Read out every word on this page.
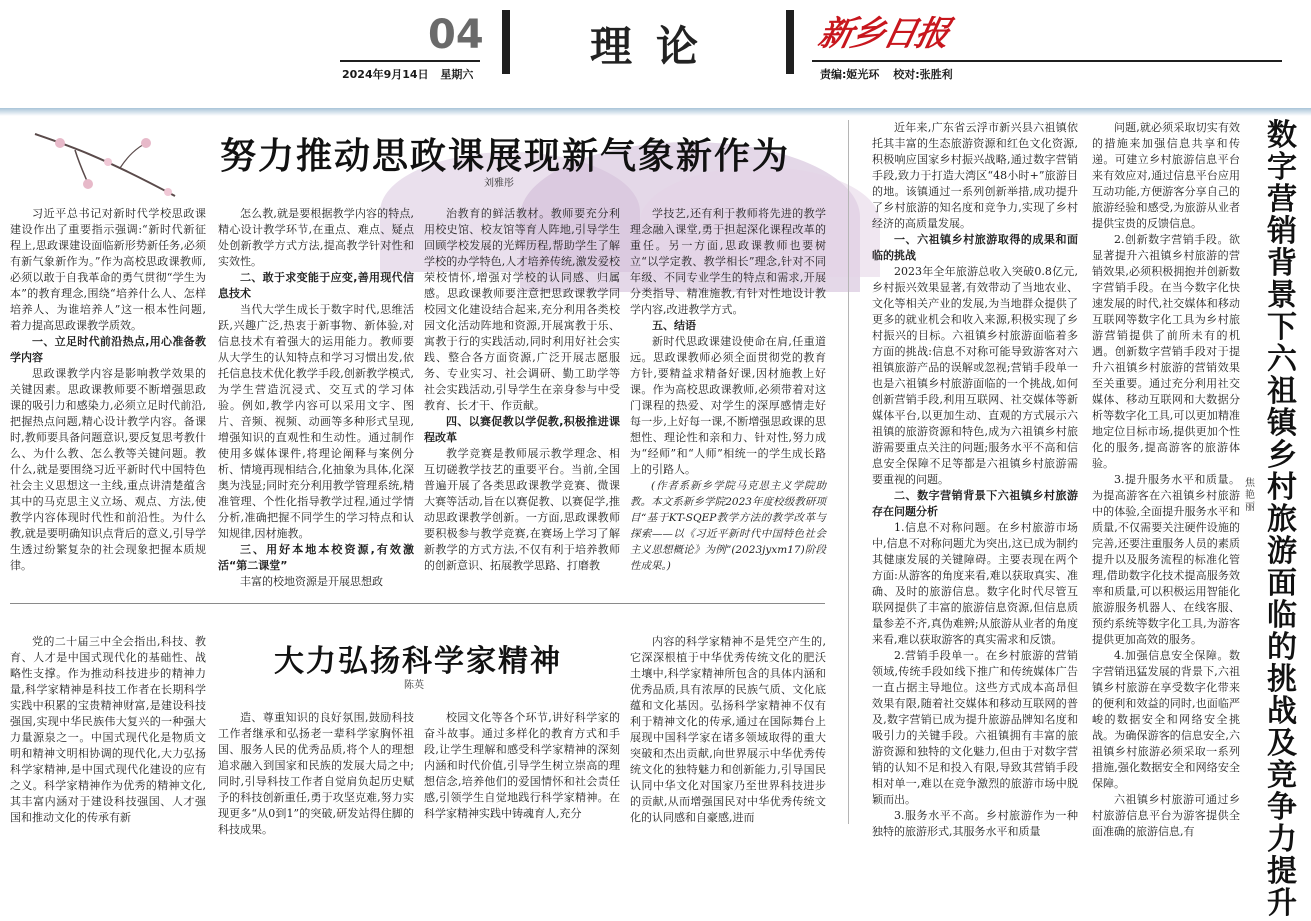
04
2024年9月14日 星期六
理论	新乡日报
责编:姬光环 校对:张胜利
努力推动思政课展现新气象新作为
刘雅彤

习近平总书记对新时代学校思政课建设作出了重要指示强调:“新时代新征程上,思政课建设面临新形势新任务,必须有新气象新作为。”作为高校思政课教师,必须以敢于自我革命的勇气贯彻“学生为本”的教育理念,围绕“培养什么人、怎样培养人、为谁培养人”这一根本性问题,着力提高思政课教学质效。

一、立足时代前沿热点,用心准备教学内容

思政课教学内容是影响教学效果的关键因素。思政课教师要不断增强思政课的吸引力和感染力,必须立足时代前沿,把握热点问题,精心设计教学内容。备课时,教师要具备问题意识,要反复思考教什么、为什么教、怎么教等关键问题。教什么,就是要围绕习近平新时代中国特色社会主义思想这一主线,重点讲清楚蕴含其中的马克思主义立场、观点、方法,使教学内容体现时代性和前沿性。为什么教,就是要明确知识点背后的意义,引导学生透过纷繁复杂的社会现象把握本质规律。

怎么教,就是要根据教学内容的特点,精心设计教学环节,在重点、难点、疑点处创新教学方式方法,提高教学针对性和实效性。

二、敢于求变能于应变,善用现代信息技术

当代大学生成长于数字时代,思维活跃,兴趣广泛,热衷于新事物、新体验,对信息技术有着强大的运用能力。教师要从大学生的认知特点和学习习惯出发,依托信息技术优化教学手段,创新教学模式,为学生营造沉浸式、交互式的学习体验。例如,教学内容可以采用文字、图片、音频、视频、动画等多种形式呈现,增强知识的直观性和生动性。通过制作使用多媒体课件,将理论阐释与案例分析、情境再现相结合,化抽象为具体,化深奥为浅显;同时充分利用教学管理系统,精准管理、个性化指导教学过程,通过学情分析,准确把握不同学生的学习特点和认知规律,因材施教。

三、用好本地本校资源,有效激活“第二课堂”

丰富的校地资源是开展思想政

治教育的鲜活教材。教师要充分利用校史馆、校友馆等育人阵地,引导学生回顾学校发展的光辉历程,帮助学生了解学校的办学特色,人才培养传统,激发爱校荣校情怀,增强对学校的认同感、归属感。思政课教师要注意把思政课教学同校园文化建设结合起来,充分利用各类校园文化活动阵地和资源,开展寓教于乐、寓教于行的实践活动,同时利用好社会实践、整合各方面资源,广泛开展志愿服务、专业实习、社会调研、勤工助学等社会实践活动,引导学生在亲身参与中受教育、长才干、作贡献。

四、以赛促教以学促教,积极推进课程改革

教学竞赛是教师展示教学理念、相互切磋教学技艺的重要平台。当前,全国普遍开展了各类思政课教学竞赛、微课大赛等活动,旨在以赛促教、以赛促学,推动思政课教学创新。一方面,思政课教师要积极参与教学竞赛,在赛场上学习了解新教学的方式方法,不仅有利于培养教师的创新意识、拓展教学思路、打磨教

学技艺,还有利于教师将先进的教学理念融入课堂,勇于担起深化课程改革的重任。另一方面,思政课教师也要树立“以学定教、教学相长”理念,针对不同年级、不同专业学生的特点和需求,开展分类指导、精准施教,有针对性地设计教学内容,改进教学方式。

五、结语

新时代思政课建设使命在肩,任重道远。思政课教师必须全面贯彻党的教育方针,要精益求精备好课,因材施教上好课。作为高校思政课教师,必须带着对这门课程的热爱、对学生的深厚感情走好每一步,上好每一课,不断增强思政课的思想性、理论性和亲和力、针对性,努力成为“经师”和“人师”相统一的学生成长路上的引路人。

(作者系新乡学院马克思主义学院助教。本文系新乡学院2023年度校级教研项目“基于KT-SQEP教学方法的教学改革与探索——以《习近平新时代中国特色社会主义思想概论》为例”(2023jyxm17)阶段性成果。)

大力弘扬科学家精神
陈英

党的二十届三中全会指出,科技、教育、人才是中国式现代化的基础性、战略性支撑。作为推动科技进步的精神力量,科学家精神是科技工作者在长期科学实践中积累的宝贵精神财富,是建设科技强国,实现中华民族伟大复兴的一种强大力量源泉之一。中国式现代化是物质文明和精神文明相协调的现代化,大力弘扬科学家精神,是中国式现代化建设的应有之义。科学家精神作为优秀的精神文化,其丰富内涵对于建设科技强国、人才强国和推动文化的传承有新

造、尊重知识的良好氛围,鼓励科技工作者继承和弘扬老一辈科学家胸怀祖国、服务人民的优秀品质,将个人的理想追求融入到国家和民族的发展大局之中;同时,引导科技工作者自觉肩负起历史赋予的科技创新重任,勇于攻坚克难,努力实现更多“从0到1”的突破,研发站得住脚的科技成果。

校园文化等各个环节,讲好科学家的奋斗故事。通过多样化的教育方式和手段,让学生理解和感受科学家精神的深刻内涵和时代价值,引导学生树立崇高的理想信念,培养他们的爱国情怀和社会责任感,引领学生自觉地践行科学家精神。在科学家精神实践中铸魂育人,充分

内容的科学家精神不是凭空产生的,它深深根植于中华优秀传统文化的肥沃土壤中,科学家精神所包含的具体内涵和优秀品质,具有浓厚的民族气质、文化底蕴和文化基因。弘扬科学家精神不仅有利于精神文化的传承,通过在国际舞台上展现中国科学家在诸多领域取得的重大突破和杰出贡献,向世界展示中华优秀传统文化的独特魅力和创新能力,引导国民认同中华文化对国家乃至世界科技进步的贡献,从而增强国民对中华优秀传统文化的认同感和自豪感,进而

近年来,广东省云浮市新兴县六祖镇依托其丰富的生态旅游资源和红色文化资源,积极响应国家乡村振兴战略,通过数字营销手段,致力于打造大湾区“48小时+”旅游目的地。该镇通过一系列创新举措,成功提升了乡村旅游的知名度和竞争力,实现了乡村经济的高质量发展。

一、六祖镇乡村旅游取得的成果和面临的挑战

2023年全年旅游总收入突破0.8亿元,乡村振兴效果显著,有效带动了当地农业、文化等相关产业的发展,为当地群众提供了更多的就业机会和收入来源,积极实现了乡村振兴的目标。六祖镇乡村旅游面临着多方面的挑战:信息不对称可能导致游客对六祖镇旅游产品的误解或忽视;营销手段单一也是六祖镇乡村旅游面临的一个挑战,如何创新营销手段,利用互联网、社交媒体等新媒体平台,以更加生动、直观的方式展示六祖镇的旅游资源和特色,成为六祖镇乡村旅游需要重点关注的问题;服务水平不高和信息安全保障不足等都是六祖镇乡村旅游需要重视的问题。

二、数字营销背景下六祖镇乡村旅游存在问题分析

1.信息不对称问题。在乡村旅游市场中,信息不对称问题尤为突出,这已成为制约其健康发展的关键障碍。主要表现在两个方面:从游客的角度来看,难以获取真实、准确、及时的旅游信息。数字化时代尽管互联网提供了丰富的旅游信息资源,但信息质量参差不齐,真伪难辨;从旅游从业者的角度来看,难以获取游客的真实需求和反馈。

2.营销手段单一。在乡村旅游的营销领域,传统手段如线下推广和传统媒体广告一直占据主导地位。这些方式成本高昂但效果有限,随着社交媒体和移动互联网的普及,数字营销已成为提升旅游品牌知名度和吸引力的关键手段。六祖镇拥有丰富的旅游资源和独特的文化魅力,但由于对数字营销的认知不足和投入有限,导致其营销手段相对单一,难以在竞争激烈的旅游市场中脱颖而出。

3.服务水平不高。乡村旅游作为一种独特的旅游形式,其服务水平和质量

问题,就必须采取切实有效的措施来加强信息共享和传递。可建立乡村旅游信息平台来有效应对,通过信息平台应用互动功能,方便游客分享自己的旅游经验和感受,为旅游从业者提供宝贵的反馈信息。

2.创新数字营销手段。欲显著提升六祖镇乡村旅游的营销效果,必须积极拥抱并创新数字营销手段。在当今数字化快速发展的时代,社交媒体和移动互联网等数字化工具为乡村旅游营销提供了前所未有的机遇。创新数字营销手段对于提升六祖镇乡村旅游的营销效果至关重要。通过充分利用社交媒体、移动互联网和大数据分析等数字化工具,可以更加精准地定位目标市场,提供更加个性化的服务,提高游客的旅游体验。

3.提升服务水平和质量。为提高游客在六祖镇乡村旅游中的体验,全面提升服务水平和质量,不仅需要关注硬件设施的完善,还要注重服务人员的素质提升以及服务流程的标准化管理,借助数字化技术提高服务效率和质量,可以积极运用智能化旅游服务机器人、在线客服、预约系统等数字化工具,为游客提供更加高效的服务。

4.加强信息安全保障。数字营销迅猛发展的背景下,六祖镇乡村旅游在享受数字化带来的便利和效益的同时,也面临严峻的数据安全和网络安全挑战。为确保游客的信息安全,六祖镇乡村旅游必须采取一系列措施,强化数据安全和网络安全保障。

六祖镇乡村旅游可通过乡村旅游信息平台为游客提供全面准确的旅游信息,有

数字营销背景下六祖镇乡村旅游面临的挑战及竞争力提升
焦艳丽
